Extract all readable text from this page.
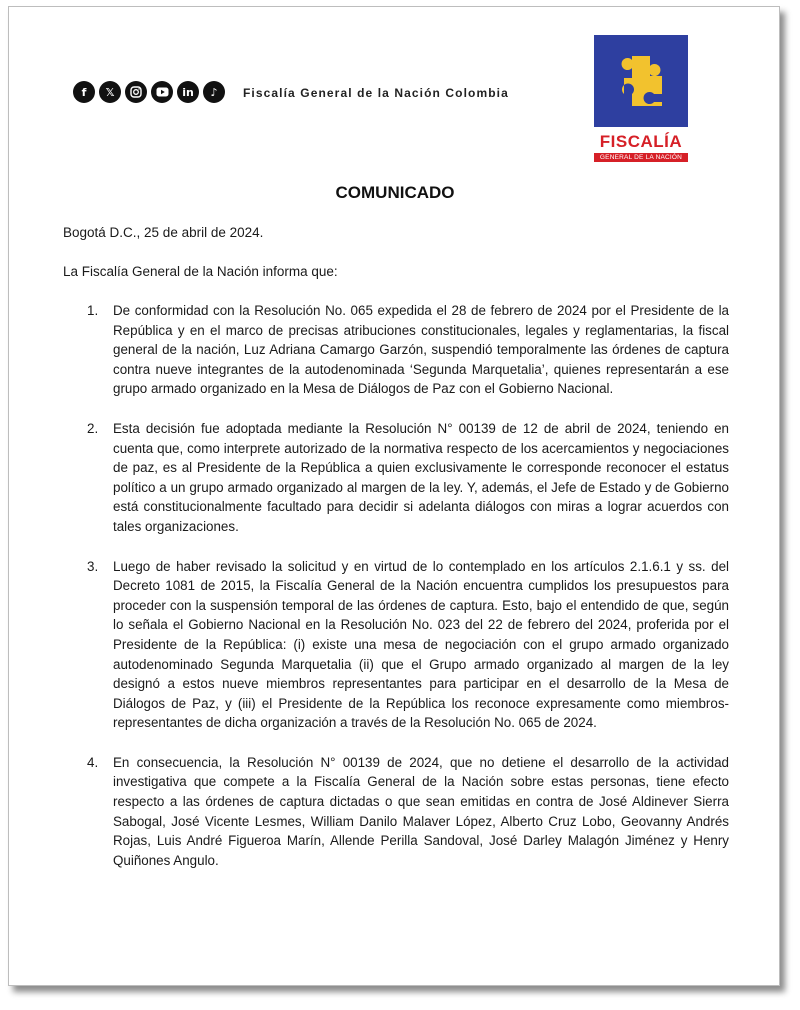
f	𝕏	in	♪	Fiscalía General de la Nación Colombia
FISCALÍA
GENERAL DE LA NACIÓN
COMUNICADO
Bogotá D.C., 25 de abril de 2024.
La Fiscalía General de la Nación informa que:
1. De conformidad con la Resolución No. 065 expedida el 28 de febrero de 2024 por el Presidente de la República y en el marco de precisas atribuciones constitucionales, legales y reglamentarias, la fiscal general de la nación, Luz Adriana Camargo Garzón, suspendió temporalmente las órdenes de captura contra nueve integrantes de la autodenominada ‘Segunda Marquetalia’, quienes representarán a ese grupo armado organizado en la Mesa de Diálogos de Paz con el Gobierno Nacional.
2. Esta decisión fue adoptada mediante la Resolución N° 00139 de 12 de abril de 2024, teniendo en cuenta que, como interprete autorizado de la normativa respecto de los acercamientos y negociaciones de paz, es al Presidente de la República a quien exclusivamente le corresponde reconocer el estatus político a un grupo armado organizado al margen de la ley. Y, además, el Jefe de Estado y de Gobierno está constitucionalmente facultado para decidir si adelanta diálogos con miras a lograr acuerdos con tales organizaciones.
3. Luego de haber revisado la solicitud y en virtud de lo contemplado en los artículos 2.1.6.1 y ss. del Decreto 1081 de 2015, la Fiscalía General de la Nación encuentra cumplidos los presupuestos para proceder con la suspensión temporal de las órdenes de captura. Esto, bajo el entendido de que, según lo señala el Gobierno Nacional en la Resolución No. 023 del 22 de febrero del 2024, proferida por el Presidente de la República: (i) existe una mesa de negociación con el grupo armado organizado autodenominado Segunda Marquetalia (ii) que el Grupo armado organizado al margen de la ley designó a estos nueve miembros representantes para participar en el desarrollo de la Mesa de Diálogos de Paz, y (iii) el Presidente de la República los reconoce expresamente como miembros-representantes de dicha organización a través de la Resolución No. 065 de 2024.
4. En consecuencia, la Resolución N° 00139 de 2024, que no detiene el desarrollo de la actividad investigativa que compete a la Fiscalía General de la Nación sobre estas personas, tiene efecto respecto a las órdenes de captura dictadas o que sean emitidas en contra de José Aldinever Sierra Sabogal, José Vicente Lesmes, William Danilo Malaver López, Alberto Cruz Lobo, Geovanny Andrés Rojas, Luis André Figueroa Marín, Allende Perilla Sandoval, José Darley Malagón Jiménez y Henry Quiñones Angulo.
